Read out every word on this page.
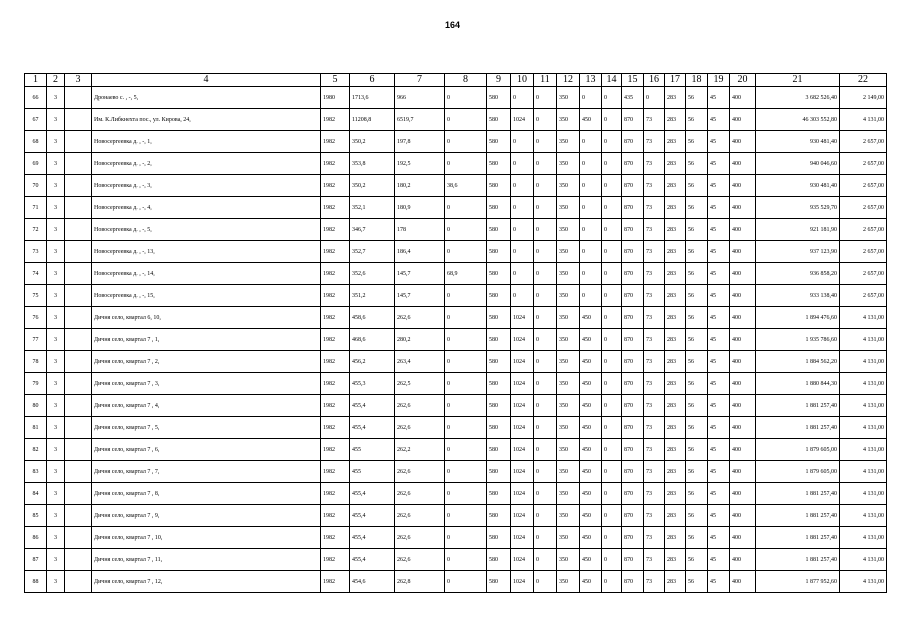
164
1	2	3	4	5	6	7	8	9	10	11	12	13	14	15	16	17	18	19	20	21	22
66	3		Дронаево с. , -, 5,	1980	1713,6	966	0	580	0	0	350	0	0	435	0	283	56	45	400	3 682 526,40	2 149,00
67	3		Им. К.Либкнехта пос., ул. Кирова, 24,	1982	11208,8	6519,7	0	580	1024	0	350	450	0	870	73	283	56	45	400	46 303 552,80	4 131,00
68	3		Новосергеевка д. , -, 1,	1982	350,2	197,8	0	580	0	0	350	0	0	870	73	283	56	45	400	930 481,40	2 657,00
69	3		Новосергеевка д. , -, 2,	1982	353,8	192,5	0	580	0	0	350	0	0	870	73	283	56	45	400	940 046,60	2 657,00
70	3		Новосергеевка д. , -, 3,	1982	350,2	180,2	38,6	580	0	0	350	0	0	870	73	283	56	45	400	930 481,40	2 657,00
71	3		Новосергеевка д. , -, 4,	1982	352,1	180,9	0	580	0	0	350	0	0	870	73	283	56	45	400	935 529,70	2 657,00
72	3		Новосергеевка д. , -, 5,	1982	346,7	178	0	580	0	0	350	0	0	870	73	283	56	45	400	921 181,90	2 657,00
73	3		Новосергеевка д. , -, 13,	1982	352,7	186,4	0	580	0	0	350	0	0	870	73	283	56	45	400	937 123,90	2 657,00
74	3		Новосергеевка д. , -, 14,	1982	352,6	145,7	68,9	580	0	0	350	0	0	870	73	283	56	45	400	936 858,20	2 657,00
75	3		Новосергеевка д. , -, 15,	1982	351,2	145,7	0	580	0	0	350	0	0	870	73	283	56	45	400	933 138,40	2 657,00
76	3		Дичня село, квартал 6, 10,	1982	458,6	262,6	0	580	1024	0	350	450	0	870	73	283	56	45	400	1 894 476,60	4 131,00
77	3		Дичня село, квартал 7 , 1,	1982	468,6	280,2	0	580	1024	0	350	450	0	870	73	283	56	45	400	1 935 786,60	4 131,00
78	3		Дичня село, квартал 7 , 2,	1982	456,2	263,4	0	580	1024	0	350	450	0	870	73	283	56	45	400	1 884 562,20	4 131,00
79	3		Дичня село, квартал 7 , 3,	1982	455,3	262,5	0	580	1024	0	350	450	0	870	73	283	56	45	400	1 880 844,30	4 131,00
80	3		Дичня село, квартал 7 , 4,	1982	455,4	262,6	0	580	1024	0	350	450	0	870	73	283	56	45	400	1 881 257,40	4 131,00
81	3		Дичня село, квартал 7 , 5,	1982	455,4	262,6	0	580	1024	0	350	450	0	870	73	283	56	45	400	1 881 257,40	4 131,00
82	3		Дичня село, квартал 7 , 6,	1982	455	262,2	0	580	1024	0	350	450	0	870	73	283	56	45	400	1 879 605,00	4 131,00
83	3		Дичня село, квартал 7 , 7,	1982	455	262,6	0	580	1024	0	350	450	0	870	73	283	56	45	400	1 879 605,00	4 131,00
84	3		Дичня село, квартал 7 , 8,	1982	455,4	262,6	0	580	1024	0	350	450	0	870	73	283	56	45	400	1 881 257,40	4 131,00
85	3		Дичня село, квартал 7 , 9,	1982	455,4	262,6	0	580	1024	0	350	450	0	870	73	283	56	45	400	1 881 257,40	4 131,00
86	3		Дичня село, квартал 7 , 10,	1982	455,4	262,6	0	580	1024	0	350	450	0	870	73	283	56	45	400	1 881 257,40	4 131,00
87	3		Дичня село, квартал 7 , 11,	1982	455,4	262,6	0	580	1024	0	350	450	0	870	73	283	56	45	400	1 881 257,40	4 131,00
88	3		Дичня село, квартал 7 , 12,	1982	454,6	262,8	0	580	1024	0	350	450	0	870	73	283	56	45	400	1 877 952,60	4 131,00
